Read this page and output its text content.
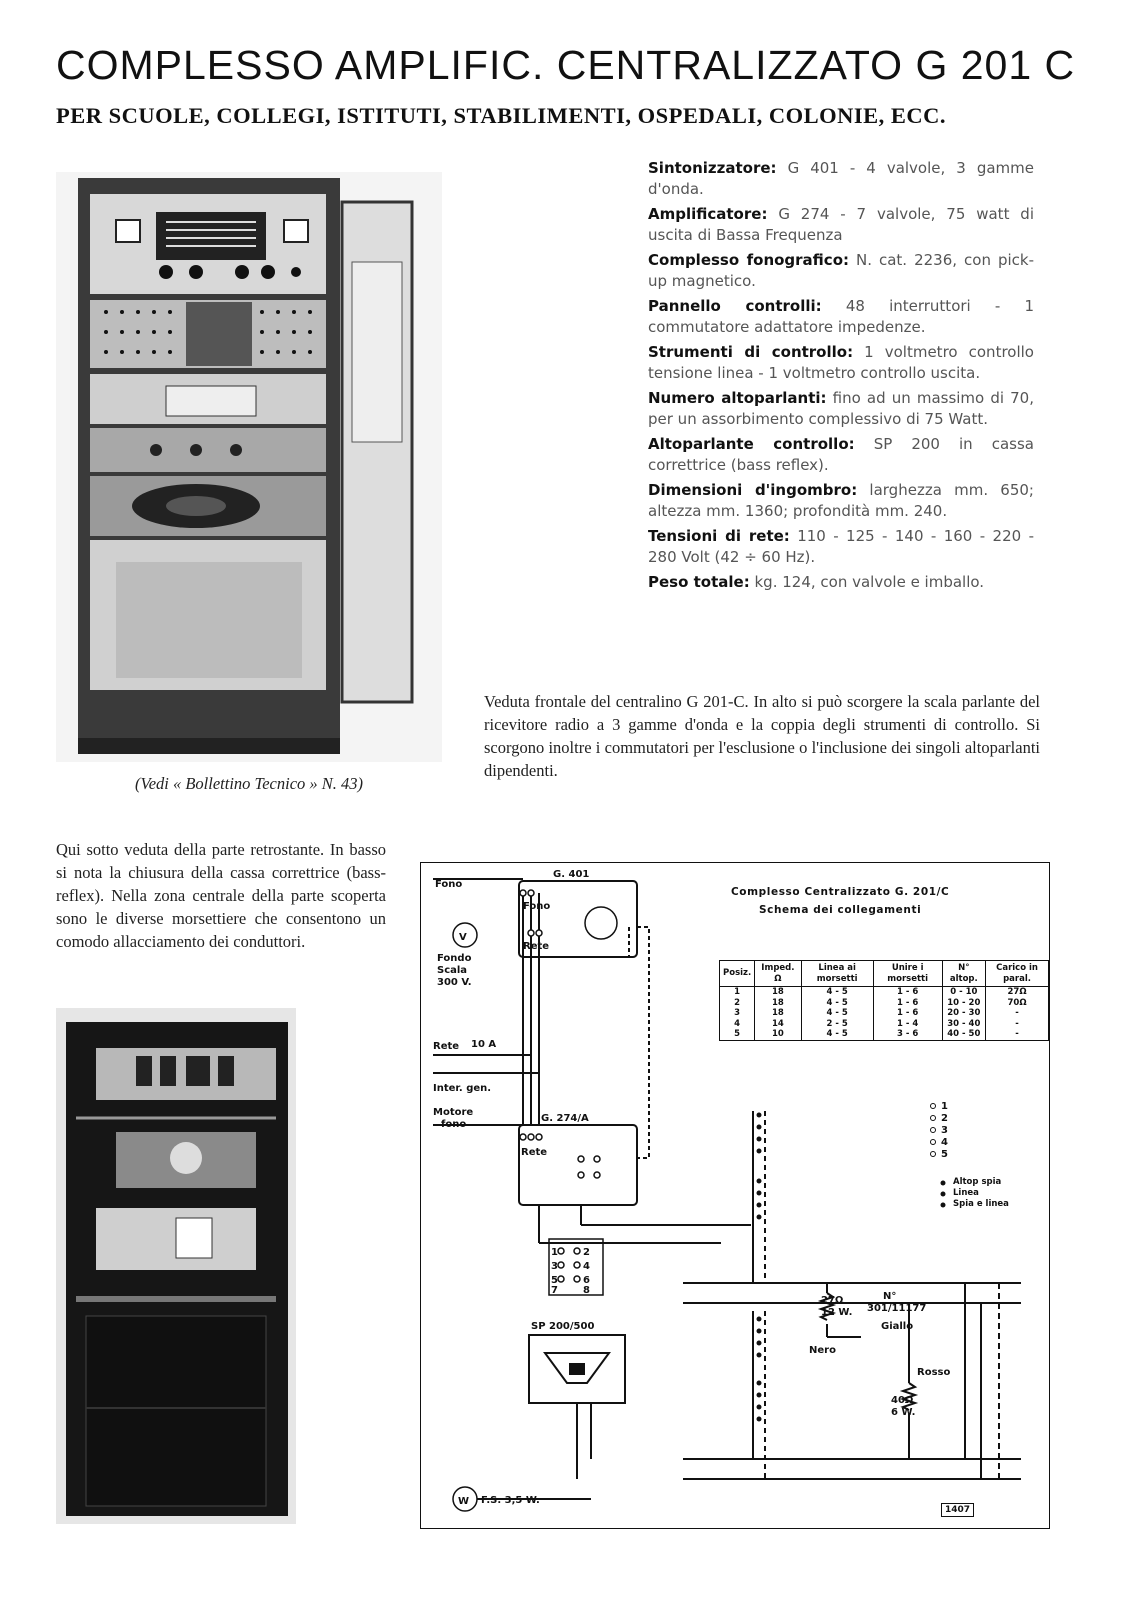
COMPLESSO AMPLIFIC. CENTRALIZZATO G 201 C
PER SCUOLE, COLLEGI, ISTITUTI, STABILIMENTI, OSPEDALI, COLONIE, ECC.
(Vedi « Bollettino Tecnico » N. 43)
Sintonizzatore: G 401 - 4 valvole, 3 gamme d'onda.
Amplificatore: G 274 - 7 valvole, 75 watt di uscita di Bassa Frequenza
Complesso fonografico: N. cat. 2236, con pick-up magnetico.
Pannello controlli: 48 interruttori - 1 commutatore adattatore impedenze.
Strumenti di controllo: 1 voltmetro controllo tensione linea - 1 voltmetro controllo uscita.
Numero altoparlanti: fino ad un massimo di 70, per un assorbimento complessivo di 75 Watt.
Altoparlante controllo: SP 200 in cassa correttrice (bass reflex).
Dimensioni d'ingombro: larghezza mm. 650; altezza mm. 1360; profondità mm. 240.
Tensioni di rete: 110 - 125 - 140 - 160 - 220 - 280 Volt (42 ÷ 60 Hz).
Peso totale: kg. 124, con valvole e imballo.
Veduta frontale del centralino G 201-C. In alto si può scorgere la scala parlante del ricevitore radio a 3 gamme d'onda e la coppia degli strumenti di controllo. Si scorgono inoltre i commutatori per l'esclusione o l'inclusione dei singoli altoparlanti dipendenti.
Qui sotto veduta della parte retrostante. In basso si nota la chiusura della cassa correttrice (bass-reflex). Nella zona centrale della parte scoperta sono le diverse morsettiere che consentono un comodo allacciamento dei conduttori.
Fono
G. 401
Fono
Rete
V
Fondo
Scala
300 V.
Rete 10 A
Inter. gen.
Motore
fono
G. 274/A
Rete
SP 200/500
W F.S. 3,5 W.
27Ω
12 W.
N°
301/11177
Giallo
Nero
Rosso
40Ω
6 W.
1	2
3	4
5	6
7	8
Complesso Centralizzato G. 201/C
Schema dei collegamenti
1
2
3
4
5
Posiz.	Imped. Ω	Linea ai morsetti	Unire i morsetti	N° altop.	Carico in paral.
1	18	4 - 5	1 - 6	0 - 10	27Ω
2	18	4 - 5	1 - 6	10 - 20	70Ω
3	18	4 - 5	1 - 6	20 - 30	-
4	14	2 - 5	1 - 4	30 - 40	-
5	10	4 - 5	3 - 6	40 - 50	-
Altop spia
Linea
Spia e linea
1407
